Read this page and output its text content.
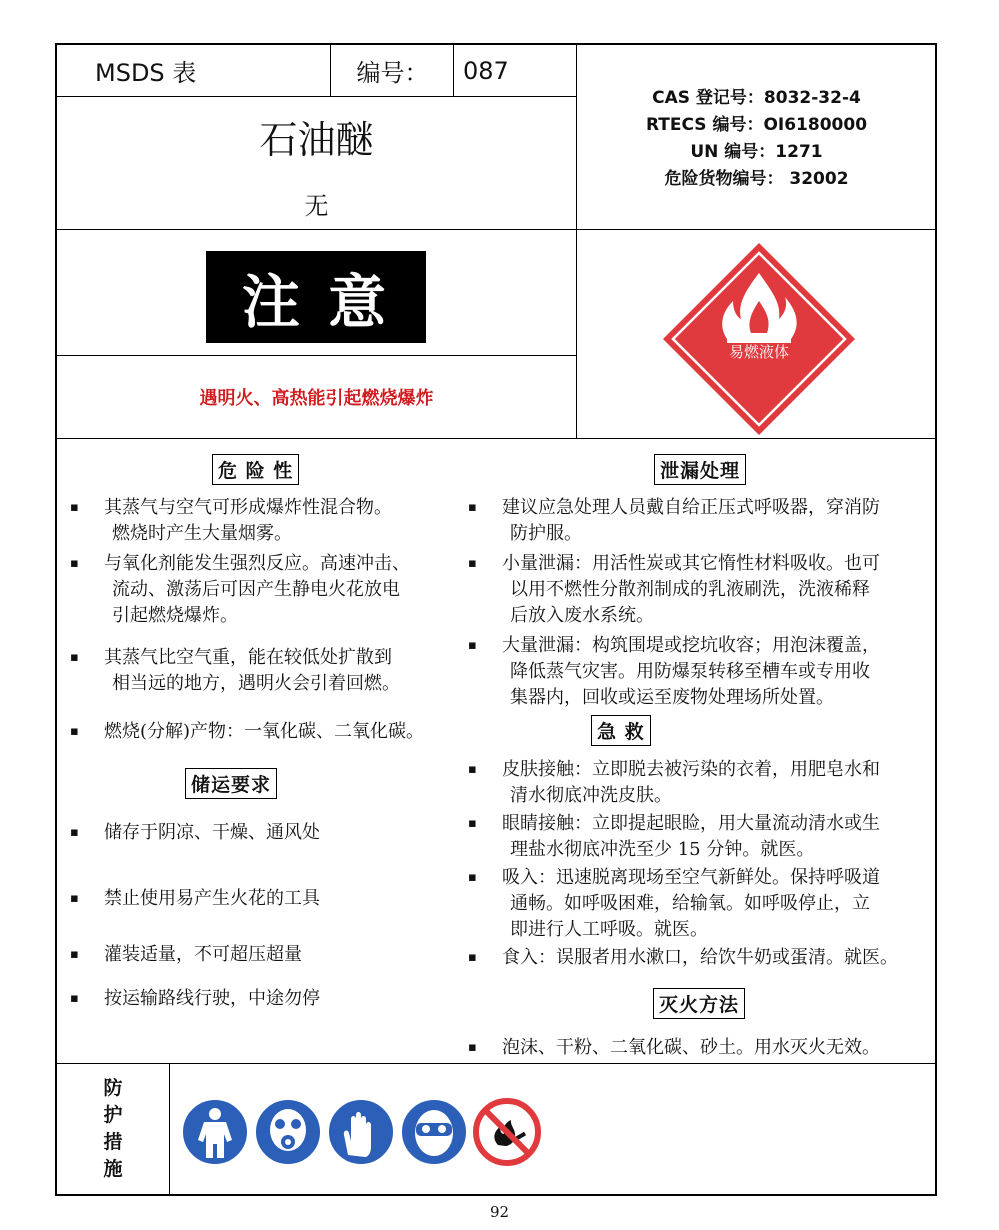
MSDS 表	编号：	087
石油醚
无
CAS 登记号：8032-32-4
RTECS 编号：OI6180000
UN 编号：1271
危险货物编号： 32002
注 意
遇明火、高热能引起燃烧爆炸
易燃液体
危 险 性
▪ 其蒸气与空气可形成爆炸性混合物。
燃烧时产生大量烟雾。
▪ 与氧化剂能发生强烈反应。高速冲击、
流动、激荡后可因产生静电火花放电
引起燃烧爆炸。
▪ 其蒸气比空气重，能在较低处扩散到
相当远的地方，遇明火会引着回燃。
▪ 燃烧(分解)产物：一氧化碳、二氧化碳。
储运要求
▪ 储存于阴凉、干燥、通风处
▪ 禁止使用易产生火花的工具
▪ 灌装适量，不可超压超量
▪ 按运输路线行驶，中途勿停
泄漏处理
▪ 建议应急处理人员戴自给正压式呼吸器，穿消防
防护服。
▪ 小量泄漏：用活性炭或其它惰性材料吸收。也可
以用不燃性分散剂制成的乳液刷洗，洗液稀释
后放入废水系统。
▪ 大量泄漏：构筑围堤或挖坑收容；用泡沫覆盖，
降低蒸气灾害。用防爆泵转移至槽车或专用收
集器内，回收或运至废物处理场所处置。
急 救
▪ 皮肤接触：立即脱去被污染的衣着，用肥皂水和
清水彻底冲洗皮肤。
▪ 眼睛接触：立即提起眼睑，用大量流动清水或生
理盐水彻底冲洗至少 15 分钟。就医。
▪ 吸入：迅速脱离现场至空气新鲜处。保持呼吸道
通畅。如呼吸困难，给输氧。如呼吸停止，立
即进行人工呼吸。就医。
▪ 食入：误服者用水漱口，给饮牛奶或蛋清。就医。
灭火方法
▪ 泡沫、干粉、二氧化碳、砂土。用水灭火无效。
防
护
措
施
92
